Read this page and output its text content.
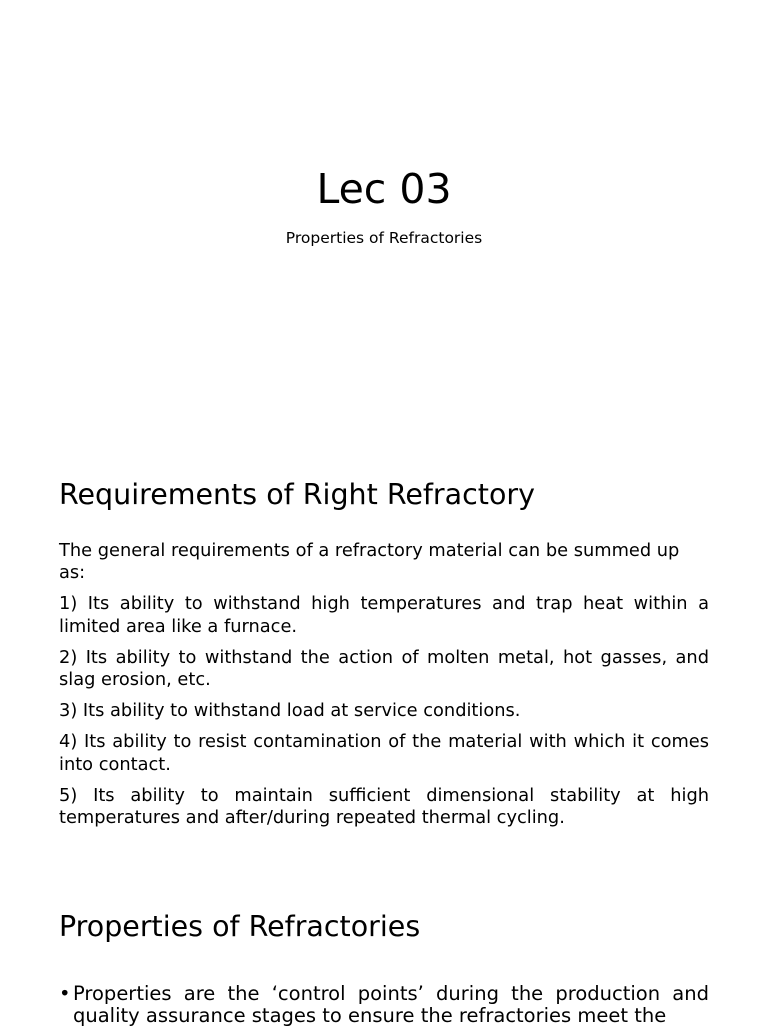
Lec 03

Properties of Refractories

Requirements of Right Refractory

The general requirements of a refractory material can be summed up as:

1) Its ability to withstand high temperatures and trap heat within a limited area like a furnace.

2) Its ability to withstand the action of molten metal, hot gasses, and slag erosion, etc.

3) Its ability to withstand load at service conditions.

4) Its ability to resist contamination of the material with which it comes into contact.

5) Its ability to maintain sufficient dimensional stability at high temperatures and after/during repeated thermal cycling.

Properties of Refractories
• Properties are the ‘control points’ during the production and quality assurance stages to ensure the refractories meet the
